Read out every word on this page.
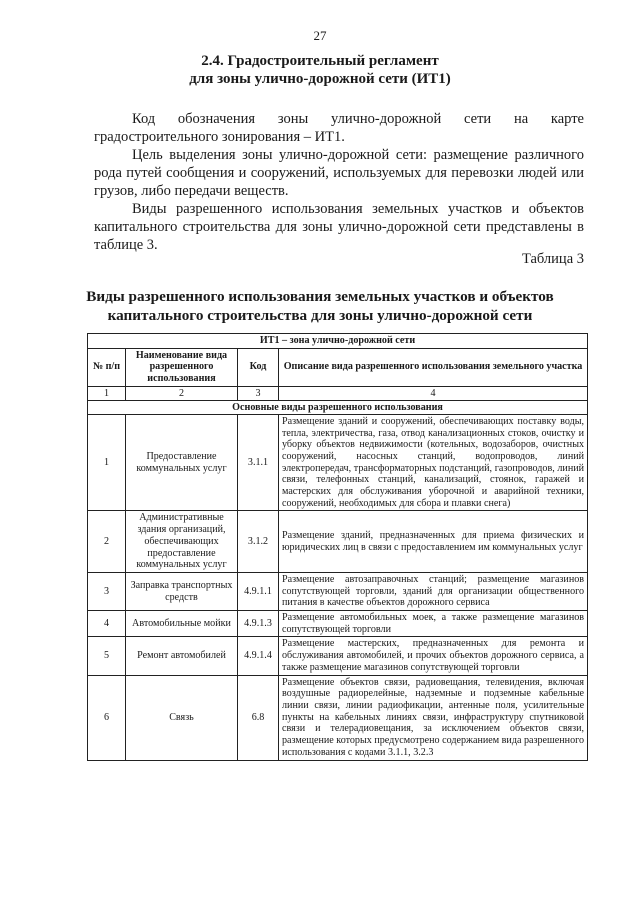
27
2.4. Градостроительный регламент
для зоны улично-дорожной сети (ИТ1)

Код обозначения зоны улично-дорожной сети на карте градостроительного зонирования – ИТ1.

Цель выделения зоны улично-дорожной сети: размещение различного рода путей сообщения и сооружений, используемых для перевозки людей или грузов, либо передачи веществ.

Виды разрешенного использования земельных участков и объектов капитального строительства для зоны улично-дорожной сети представлены в таблице 3.

Таблица 3
Виды разрешенного использования земельных участков и объектов
капитального строительства для зоны улично-дорожной сети
ИТ1 – зона улично-дорожной сети			
№ п/п	Наименование вида разрешенного использования	Код	Описание вида разрешенного использования земельного участка
1	2	3	4
Основные виды разрешенного использования			
1	Предоставление коммунальных услуг	3.1.1	Размещение зданий и сооружений, обеспечивающих поставку воды, тепла, электричества, газа, отвод канализационных стоков, очистку и уборку объектов недвижимости (котельных, водозаборов, очистных сооружений, насосных станций, водопроводов, линий электропередач, трансформаторных подстанций, газопроводов, линий связи, телефонных станций, канализаций, стоянок, гаражей и мастерских для обслуживания уборочной и аварийной техники, сооружений, необходимых для сбора и плавки снега)
2	Административные здания организаций, обеспечивающих предоставление коммунальных услуг	3.1.2	Размещение зданий, предназначенных для приема физических и юридических лиц в связи с предоставлением им коммунальных услуг
3	Заправка транспортных средств	4.9.1.1	Размещение автозаправочных станций; размещение магазинов сопутствующей торговли, зданий для организации общественного питания в качестве объектов дорожного сервиса
4	Автомобильные мойки	4.9.1.3	Размещение автомобильных моек, а также размещение магазинов сопутствующей торговли
5	Ремонт автомобилей	4.9.1.4	Размещение мастерских, предназначенных для ремонта и обслуживания автомобилей, и прочих объектов дорожного сервиса, а также размещение магазинов сопутствующей торговли
6	Связь	6.8	Размещение объектов связи, радиовещания, телевидения, включая воздушные радиорелейные, надземные и подземные кабельные линии связи, линии радиофикации, антенные поля, усилительные пункты на кабельных линиях связи, инфраструктуру спутниковой связи и телерадиовещания, за исключением объектов связи, размещение которых предусмотрено содержанием вида разрешенного использования с кодами 3.1.1, 3.2.3
